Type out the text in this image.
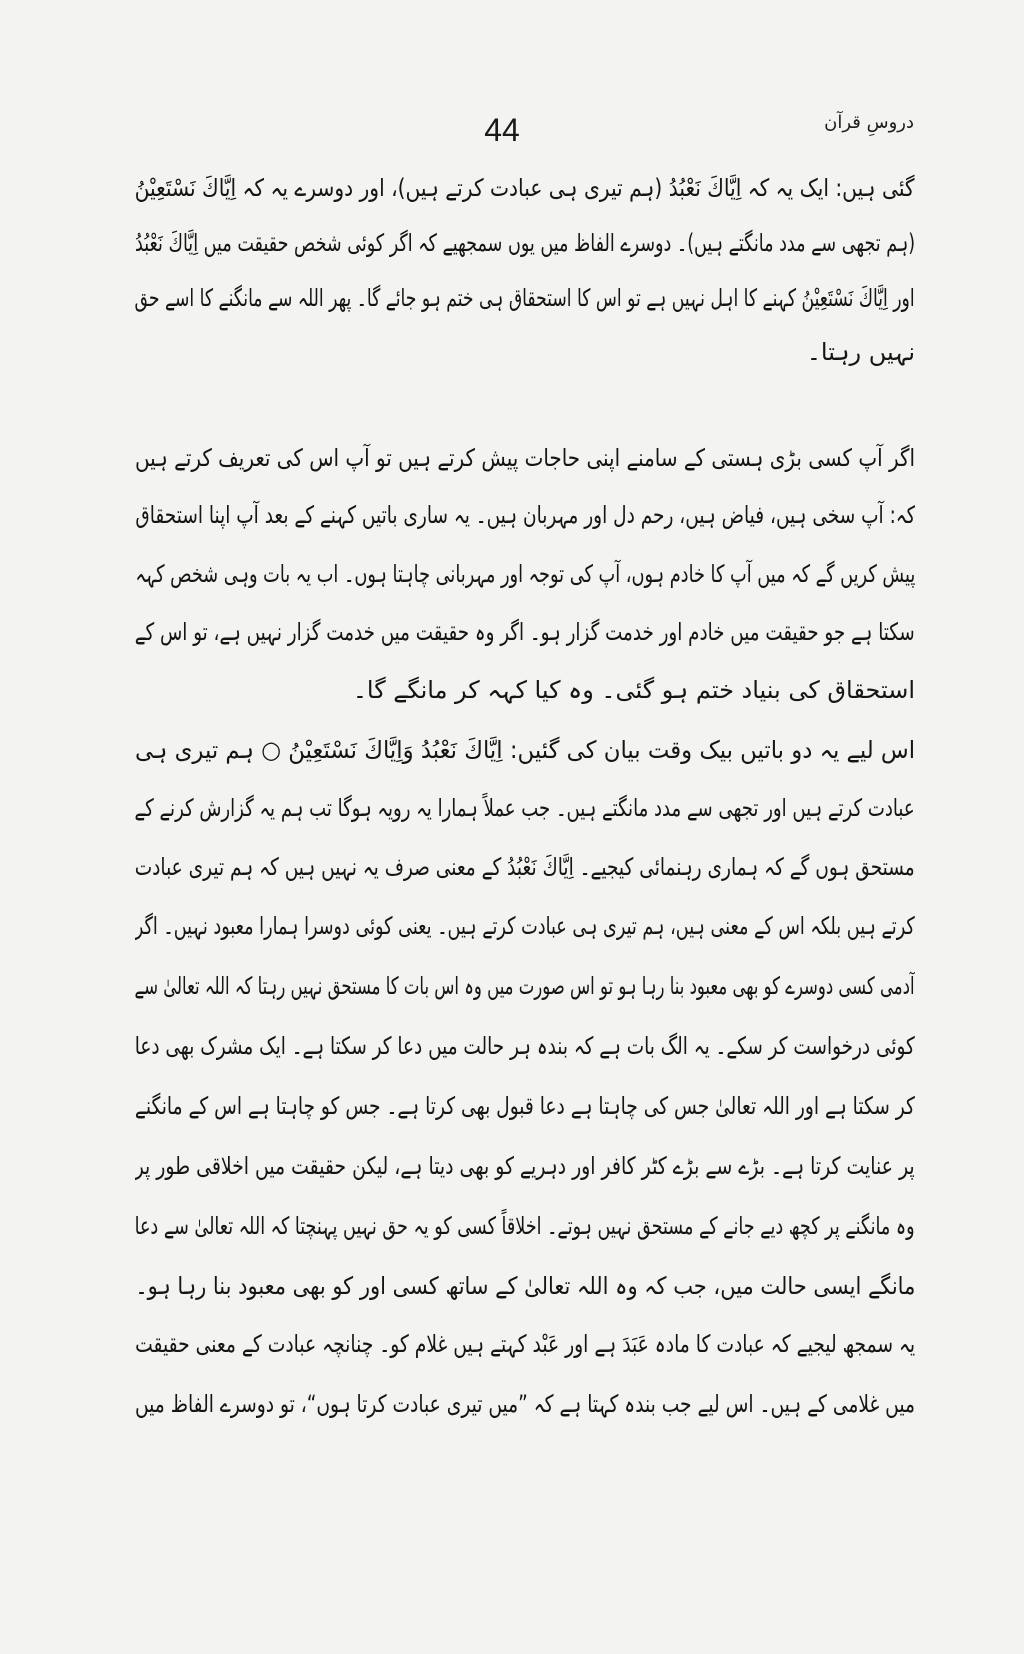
دروسِ قرآن
44
گئی ہیں: ایک یہ کہ اِيَّاكَ نَعْبُدُ (ہم تیری ہی عبادت کرتے ہیں)، اور دوسرے یہ کہ اِيَّاكَ نَسْتَعِيْنُ
(ہم تجھی سے مدد مانگتے ہیں)۔ دوسرے الفاظ میں یوں سمجھیے کہ اگر کوئی شخص حقیقت میں اِيَّاكَ نَعْبُدُ
اور اِيَّاكَ نَسْتَعِيْنُ کہنے کا اہل نہیں ہے تو اس کا استحقاق ہی ختم ہو جائے گا۔ پھر اللہ سے مانگنے کا اسے حق
نہیں رہتا۔
اگر آپ کسی بڑی ہستی کے سامنے اپنی حاجات پیش کرتے ہیں تو آپ اس کی تعریف کرتے ہیں
کہ: آپ سخی ہیں، فیاض ہیں، رحم دل اور مہربان ہیں۔ یہ ساری باتیں کہنے کے بعد آپ اپنا استحقاق
پیش کریں گے کہ میں آپ کا خادم ہوں، آپ کی توجہ اور مہربانی چاہتا ہوں۔ اب یہ بات وہی شخص کہہ
سکتا ہے جو حقیقت میں خادم اور خدمت گزار ہو۔ اگر وہ حقیقت میں خدمت گزار نہیں ہے، تو اس کے
استحقاق کی بنیاد ختم ہو گئی۔ وہ کیا کہہ کر مانگے گا۔
اس لیے یہ دو باتیں بیک وقت بیان کی گئیں: اِيَّاكَ نَعْبُدُ وَاِيَّاكَ نَسْتَعِيْنُ ○ ہم تیری ہی
عبادت کرتے ہیں اور تجھی سے مدد مانگتے ہیں۔ جب عملاً ہمارا یہ رویہ ہوگا تب ہم یہ گزارش کرنے کے
مستحق ہوں گے کہ ہماری رہنمائی کیجیے۔ اِيَّاكَ نَعْبُدُ کے معنی صرف یہ نہیں ہیں کہ ہم تیری عبادت
کرتے ہیں بلکہ اس کے معنی ہیں، ہم تیری ہی عبادت کرتے ہیں۔ یعنی کوئی دوسرا ہمارا معبود نہیں۔ اگر
آدمی کسی دوسرے کو بھی معبود بنا رہا ہو تو اس صورت میں وہ اس بات کا مستحق نہیں رہتا کہ اللہ تعالیٰ سے
کوئی درخواست کر سکے۔ یہ الگ بات ہے کہ بندہ ہر حالت میں دعا کر سکتا ہے۔ ایک مشرک بھی دعا
کر سکتا ہے اور اللہ تعالیٰ جس کی چاہتا ہے دعا قبول بھی کرتا ہے۔ جس کو چاہتا ہے اس کے مانگنے
پر عنایت کرتا ہے۔ بڑے سے بڑے کٹر کافر اور دہریے کو بھی دیتا ہے، لیکن حقیقت میں اخلاقی طور پر
وہ مانگنے پر کچھ دیے جانے کے مستحق نہیں ہوتے۔ اخلاقاً کسی کو یہ حق نہیں پہنچتا کہ اللہ تعالیٰ سے دعا
مانگے ایسی حالت میں، جب کہ وہ اللہ تعالیٰ کے ساتھ کسی اور کو بھی معبود بنا رہا ہو۔
یہ سمجھ لیجیے کہ عبادت کا مادہ عَبَدَ ہے اور عَبْد کہتے ہیں غلام کو۔ چنانچہ عبادت کے معنی حقیقت
میں غلامی کے ہیں۔ اس لیے جب بندہ کہتا ہے کہ ”میں تیری عبادت کرتا ہوں“، تو دوسرے الفاظ میں
